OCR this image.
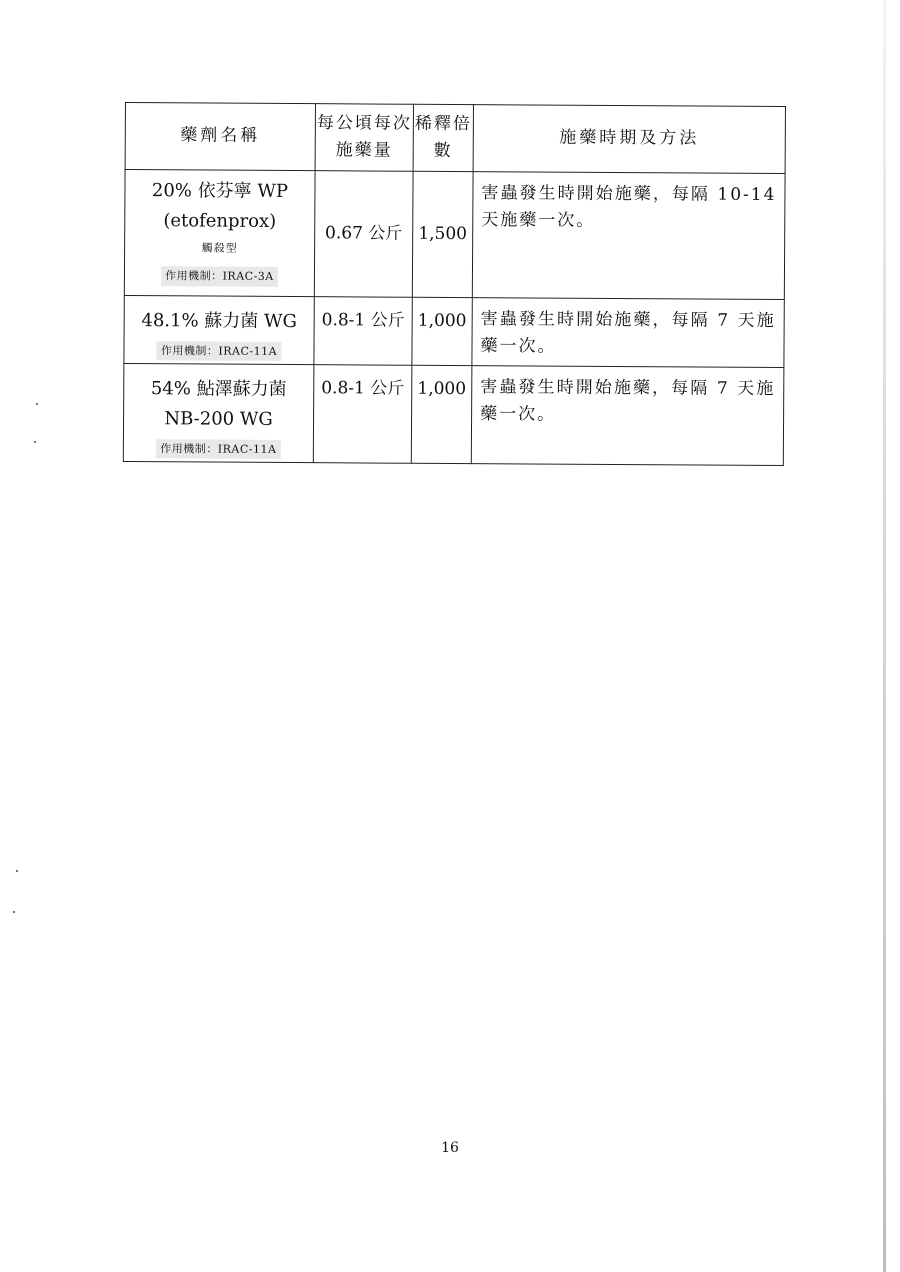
藥劑名稱	每公頃每次施藥量	稀釋倍數	施藥時期及方法

20% 依芬寧 WP
(etofenprox)
觸殺型
作用機制：IRAC-3A	0.67 公斤	1,500	害蟲發生時開始施藥，每隔 10-14 天施藥一次。

48.1% 蘇力菌 WG
作用機制：IRAC-11A	0.8-1 公斤	1,000	害蟲發生時開始施藥，每隔 7 天施藥一次。

54% 鮎澤蘇力菌
NB-200 WG
作用機制：IRAC-11A	0.8-1 公斤	1,000	害蟲發生時開始施藥，每隔 7 天施藥一次。
16
